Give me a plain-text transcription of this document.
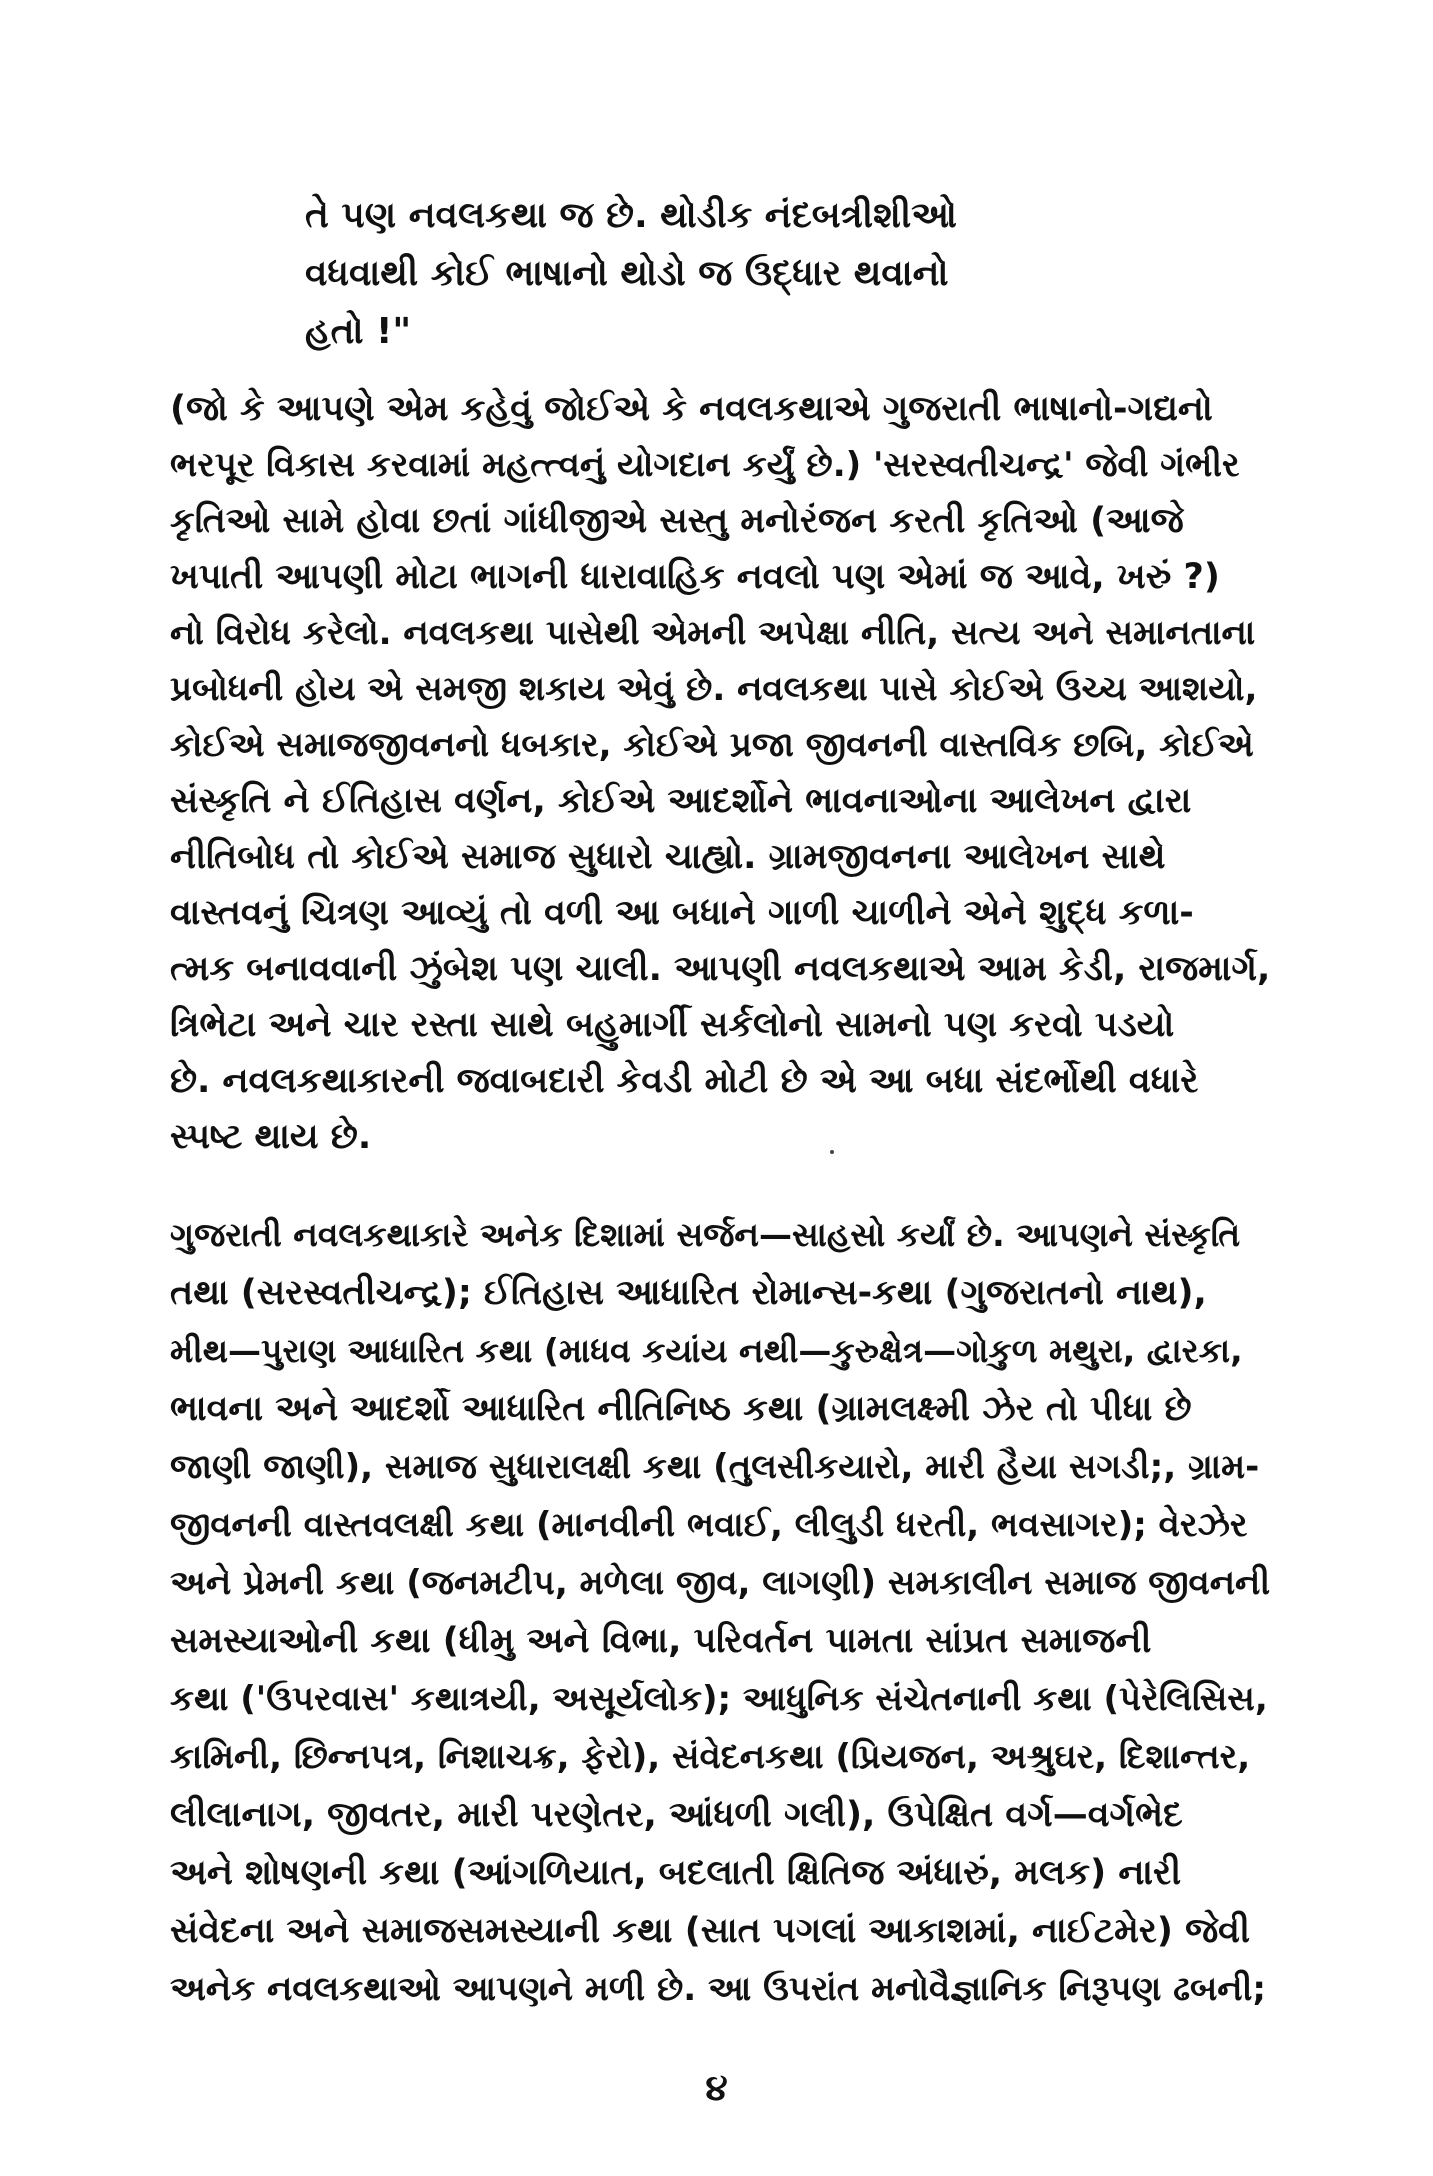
તે પણ નવલકથા જ છે. થોડીક નંદબત્રીશીઓ
વધવાથી કોઈ ભાષાનો થોડો જ ઉદ્ધાર થવાનો
હતો !"
(જો કે આપણે એમ કહેવું જોઈએ કે નવલકથાએ ગુજરાતી ભાષાનો-ગદ્યનો
ભરપૂર વિકાસ કરવામાં મહત્ત્વનું યોગદાન કર્યું છે.) 'સરસ્વતીચન્દ્ર' જેવી ગંભીર
કૃતિઓ સામે હોવા છતાં ગાંધીજીએ સસ્તુ મનોરંજન કરતી કૃતિઓ (આજે
ખપાતી આપણી મોટા ભાગની ધારાવાહિક નવલો પણ એમાં જ આવે, ખરું ?)
નો વિરોધ કરેલો. નવલકથા પાસેથી એમની અપેક્ષા નીતિ, સત્ય અને સમાનતાના
પ્રબોધની હોય એ સમજી શકાય એવું છે. નવલકથા પાસે કોઈએ ઉચ્ચ આશયો,
કોઈએ સમાજજીવનનો ધબકાર, કોઈએ પ્રજા જીવનની વાસ્તવિક છબિ, કોઈએ
સંસ્કૃતિ ને ઈતિહાસ વર્ણન, કોઈએ આદર્શોને ભાવનાઓના આલેખન દ્વારા
નીતિબોધ તો કોઈએ સમાજ સુધારો ચાહ્યો. ગ્રામજીવનના આલેખન સાથે
વાસ્તવનું ચિત્રણ આવ્યું તો વળી આ બધાને ગાળી ચાળીને એને શુદ્ધ કળા-
ત્મક બનાવવાની ઝુંબેશ પણ ચાલી. આપણી નવલકથાએ આમ કેડી, રાજમાર્ગ,
ત્રિભેટા અને ચાર રસ્તા સાથે બહુમાર્ગી સર્કલોનો સામનો પણ કરવો પડયો
છે. નવલકથાકારની જવાબદારી કેવડી મોટી છે એ આ બધા સંદર્ભોથી વધારે
સ્પષ્ટ થાય છે.
ગુજરાતી નવલકથાકારે અનેક દિશામાં સર્જન—સાહસો કર્યાં છે. આપણને સંસ્કૃતિ
તથા (સરસ્વતીચન્દ્ર); ઈતિહાસ આધારિત રોમાન્સ-કથા (ગુજરાતનો નાથ),
મીથ—પુરાણ આધારિત કથા (માધવ કયાંય નથી—કુરુક્ષેત્ર—ગોકુળ મથુરા, દ્વારકા,
ભાવના અને આદર્શો આધારિત નીતિનિષ્ઠ કથા (ગ્રામલક્ષ્મી ઝેર તો પીધા છે
જાણી જાણી), સમાજ સુધારાલક્ષી કથા (તુલસીકયારો, મારી હૈયા સગડી;, ગ્રામ-
જીવનની વાસ્તવલક્ષી કથા (માનવીની ભવાઈ, લીલુડી ધરતી, ભવસાગર); વેરઝેર
અને પ્રેમની કથા (જનમટીપ, મળેલા જીવ, લાગણી) સમકાલીન સમાજ જીવનની
સમસ્યાઓની કથા (ધીમુ અને વિભા, પરિવર્તન પામતા સાંપ્રત સમાજની
કથા ('ઉપરવાસ' કથાત્રયી, અસૂર્યલોક); આધુનિક સંચેતનાની કથા (પેરેલિસિસ,
કામિની, છિન્નપત્ર, નિશાચક્ર, ફેરો), સંવેદનકથા (પ્રિયજન, અશ્રુઘર, દિશાન્તર,
લીલાનાગ, જીવતર, મારી પરણેતર, આંધળી ગલી), ઉપેક્ષિત વર્ગ—વર્ગભેદ
અને શોષણની કથા (આંગળિયાત, બદલાતી ક્ષિતિજ અંધારું, મલક) નારી
સંવેદના અને સમાજસમસ્યાની કથા (સાત પગલાં આકાશમાં, નાઈટમેર) જેવી
અનેક નવલકથાઓ આપણને મળી છે. આ ઉપરાંત મનોવૈજ્ઞાનિક નિરૂપણ ઢબની;
૪
